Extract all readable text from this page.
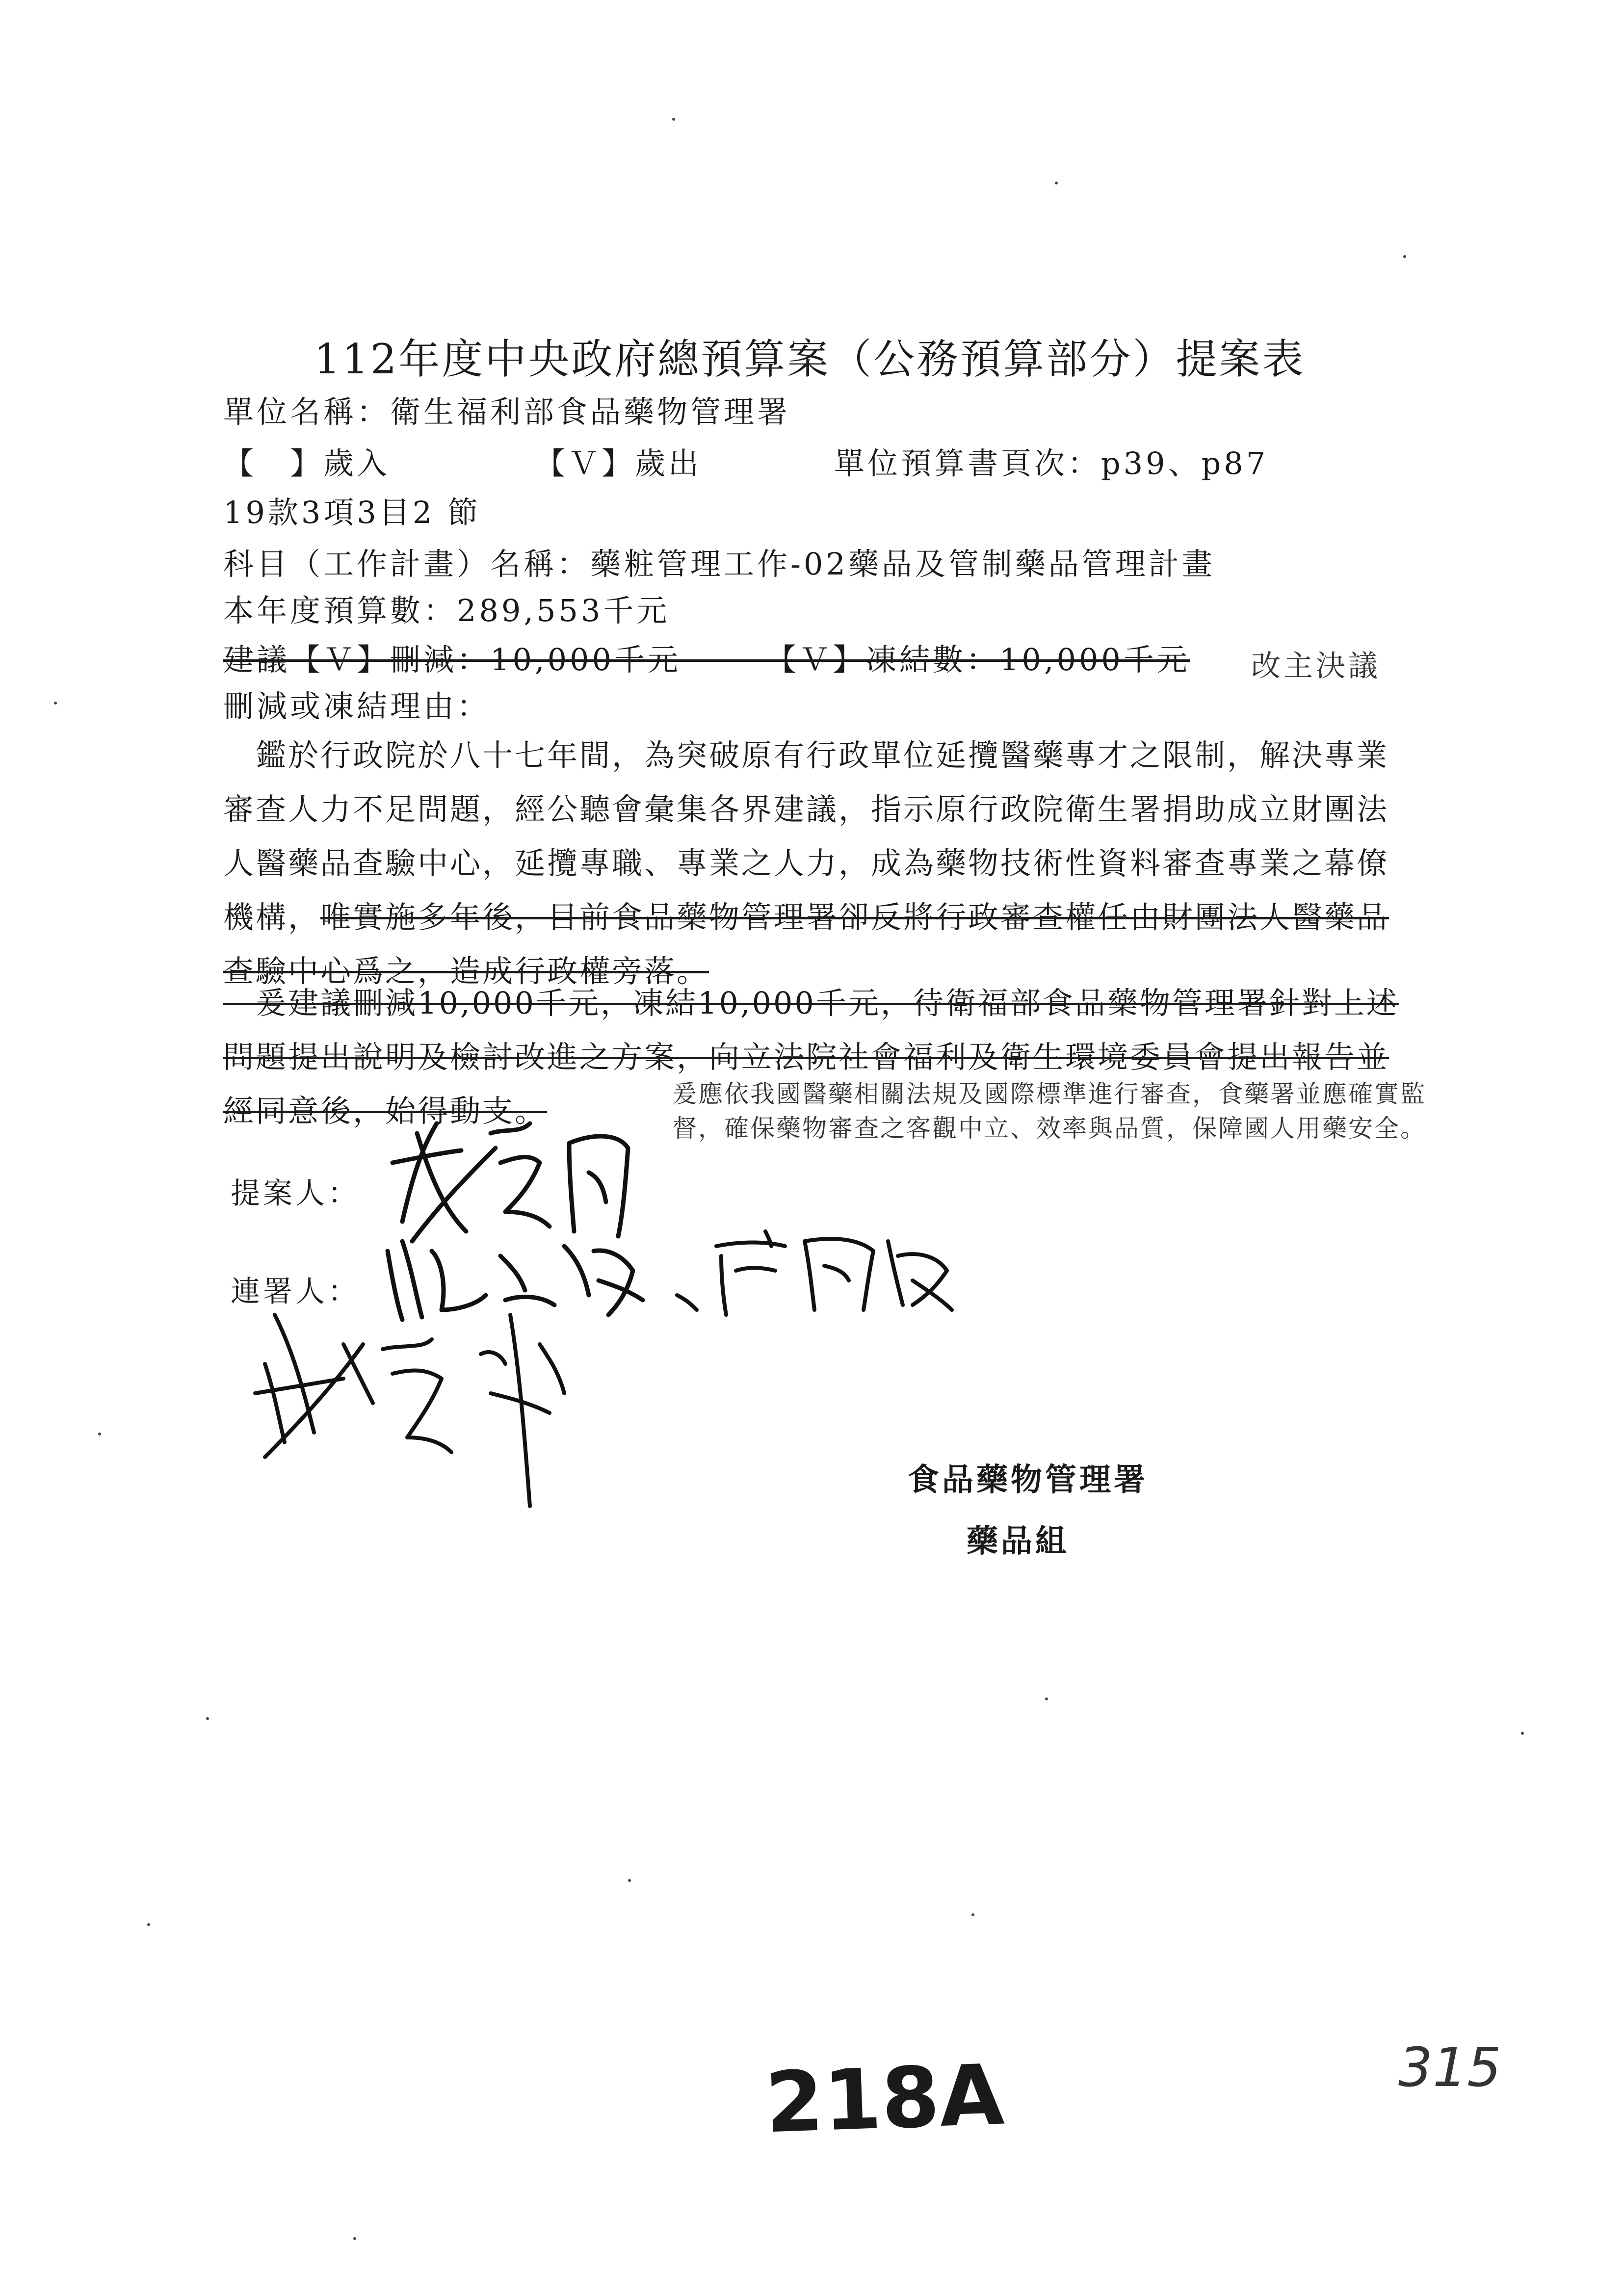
112年度中央政府總預算案（公務預算部分）提案表
單位名稱：衛生福利部食品藥物管理署
【　】歲入	【Ｖ】歲出	單位預算書頁次：p39、p87
19款3項3目2 節
科目（工作計畫）名稱：藥粧管理工作-02藥品及管制藥品管理計畫
本年度預算數：289,553千元
建議【Ｖ】刪減：10,000千元　　　【Ｖ】凍結數：10,000千元 改主決議
刪減或凍結理由：
　鑑於行政院於八十七年間，為突破原有行政單位延攬醫藥專才之限制，解決專業審查人力不足問題，經公聽會彙集各界建議，指示原行政院衛生署捐助成立財團法人醫藥品查驗中心，延攬專職、專業之人力，成為藥物技術性資料審查專業之幕僚機構，唯實施多年後，目前食品藥物管理署卻反將行政審查權任由財團法人醫藥品查驗中心爲之，造成行政權旁落。
　爰建議刪減10,000千元，凍結10,000千元，待衛福部食品藥物管理署針對上述問題提出說明及檢討改進之方案，向立法院社會福利及衛生環境委員會提出報告並經同意後，始得動支。	爰應依我國醫藥相關法規及國際標準進行審查，食藥署並應確實監督，確保藥物審查之客觀中立、效率與品質，保障國人用藥安全。
提案人：
連署人：
食品藥物管理署
藥品組
218A	315
